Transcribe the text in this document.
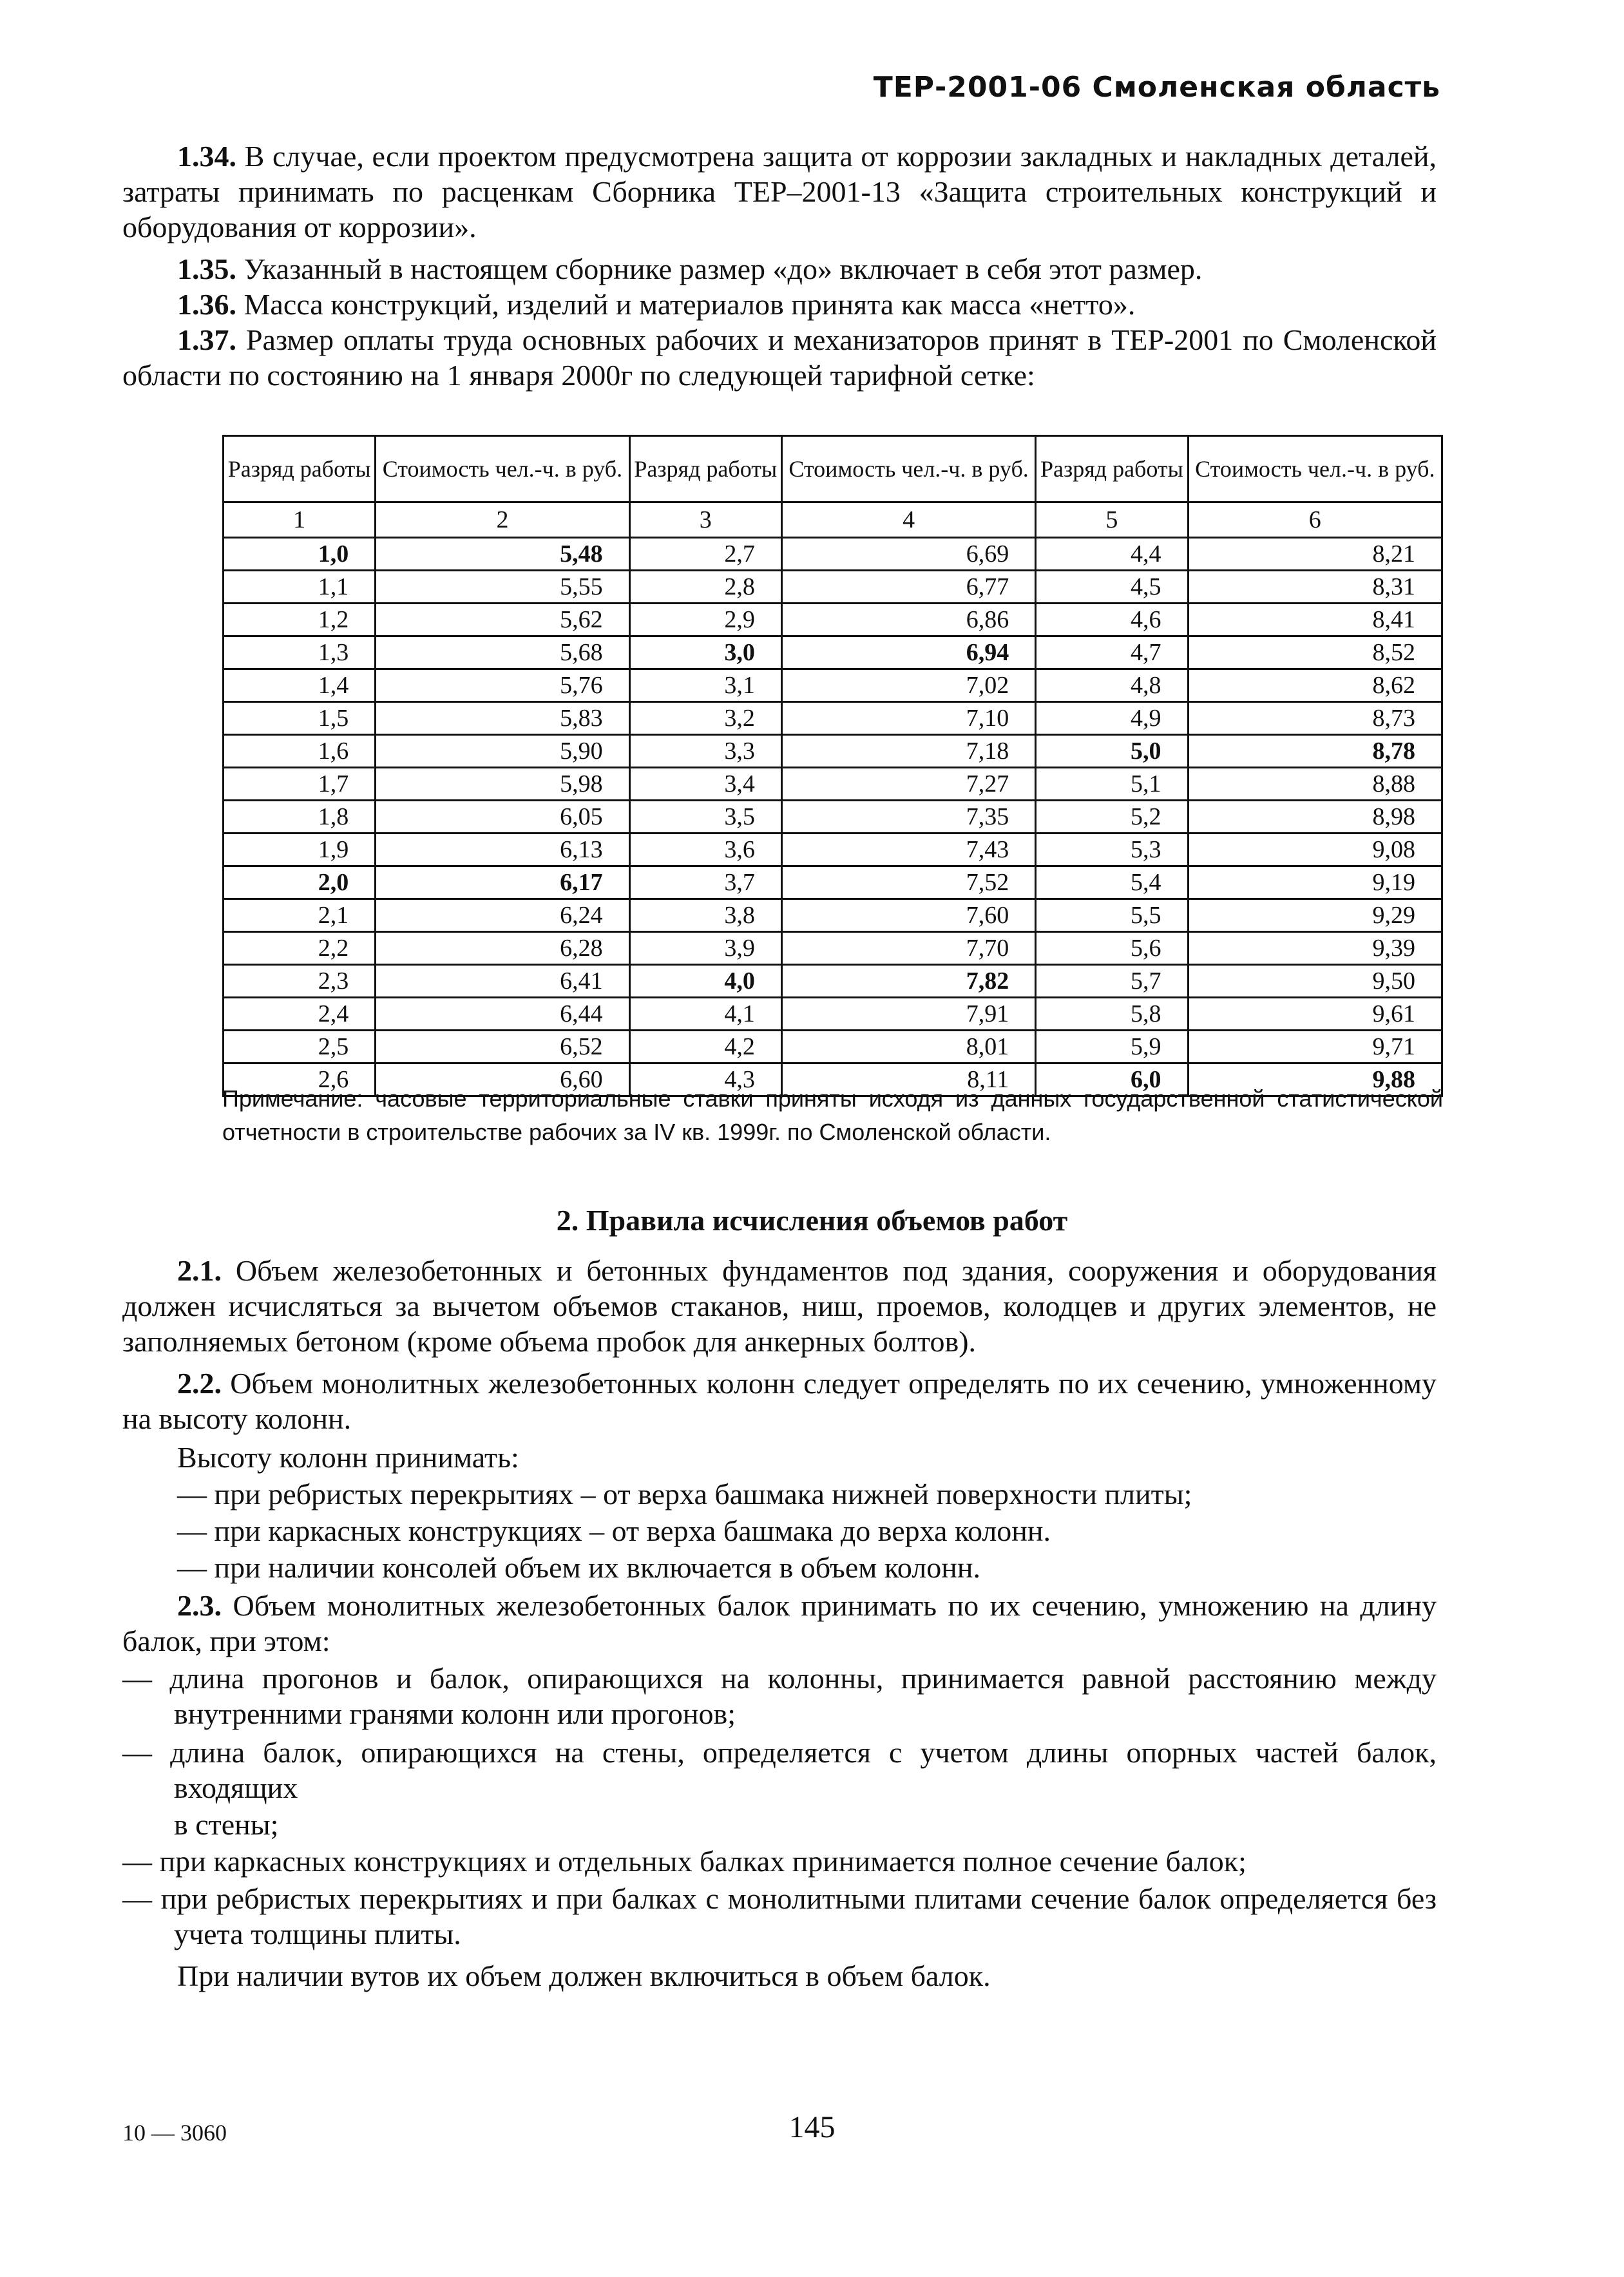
ТЕР-2001-06 Смоленская область
1.34. В случае, если проектом предусмотрена защита от коррозии закладных и накладных деталей, затраты принимать по расценкам Сборника ТЕР–2001-13 «Защита строительных конструкций и оборудования от коррозии».
1.35. Указанный в настоящем сборнике размер «до» включает в себя этот размер.
1.36. Масса конструкций, изделий и материалов принята как масса «нетто».
1.37. Размер оплаты труда основных рабочих и механизаторов принят в ТЕР-2001 по Смоленской области по состоянию на 1 января 2000г по следующей тарифной сетке:
Разряд работы	Стоимость чел.-ч. в руб.	Разряд работы	Стоимость чел.-ч. в руб.	Разряд работы	Стоимость чел.-ч. в руб.
1	2	3	4	5	6
1,0	5,48	2,7	6,69	4,4	8,21
1,1	5,55	2,8	6,77	4,5	8,31
1,2	5,62	2,9	6,86	4,6	8,41
1,3	5,68	3,0	6,94	4,7	8,52
1,4	5,76	3,1	7,02	4,8	8,62
1,5	5,83	3,2	7,10	4,9	8,73
1,6	5,90	3,3	7,18	5,0	8,78
1,7	5,98	3,4	7,27	5,1	8,88
1,8	6,05	3,5	7,35	5,2	8,98
1,9	6,13	3,6	7,43	5,3	9,08
2,0	6,17	3,7	7,52	5,4	9,19
2,1	6,24	3,8	7,60	5,5	9,29
2,2	6,28	3,9	7,70	5,6	9,39
2,3	6,41	4,0	7,82	5,7	9,50
2,4	6,44	4,1	7,91	5,8	9,61
2,5	6,52	4,2	8,01	5,9	9,71
2,6	6,60	4,3	8,11	6,0	9,88
Примечание: часовые территориальные ставки приняты исходя из данных государственной статистической отчетности в строительстве рабочих за IV кв. 1999г. по Смоленской области.
2. Правила исчисления объемов работ
2.1. Объем железобетонных и бетонных фундаментов под здания, сооружения и оборудования должен исчисляться за вычетом объемов стаканов, ниш, проемов, колодцев и других элементов, не заполняемых бетоном (кроме объема пробок для анкерных болтов).
2.2. Объем монолитных железобетонных колонн следует определять по их сечению, умноженному на высоту колонн.
Высоту колонн принимать:
— при ребристых перекрытиях – от верха башмака нижней поверхности плиты;
— при каркасных конструкциях – от верха башмака до верха колонн.
— при наличии консолей объем их включается в объем колонн.
2.3. Объем монолитных железобетонных балок принимать по их сечению, умножению на длину балок, при этом:
— длина прогонов и балок, опирающихся на колонны, принимается равной расстоянию между внутренними гранями колонн или прогонов;
— длина балок, опирающихся на стены, определяется с учетом длины опорных частей балок, входящих
в стены;
— при каркасных конструкциях и отдельных балках принимается полное сечение балок;
— при ребристых перекрытиях и при балках с монолитными плитами сечение балок определяется без учета толщины плиты.
При наличии вутов их объем должен включиться в объем балок.
10 — 3060	145
